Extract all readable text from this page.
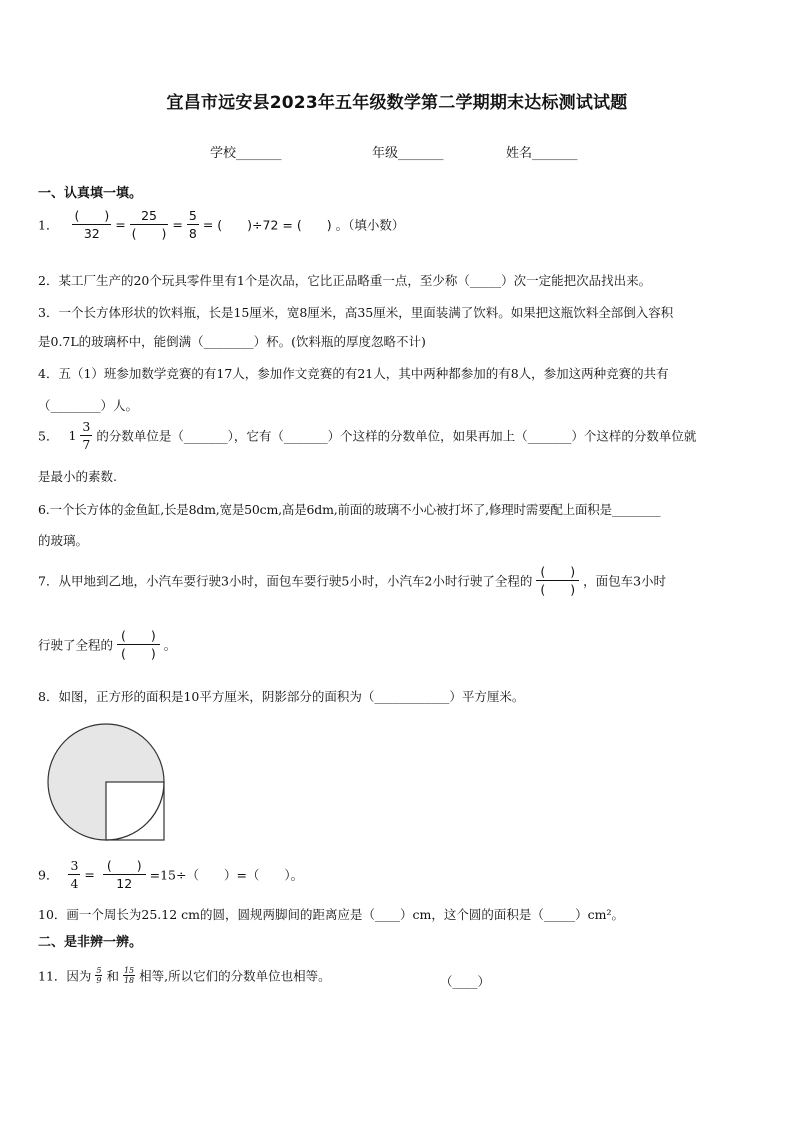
宜昌市远安县2023年五年级数学第二学期期末达标测试试题
学校_______	年级_______	姓名_______
一、认真填一填。
1． $\frac{( )}{32} = \frac{25}{( )} = \frac{5}{8}$ = (　　)÷72 = (　　) 。（填小数）
2．某工厂生产的20个玩具零件里有1个是次品，它比正品略重一点，至少称（_____）次一定能把次品找出来。
3．一个长方体形状的饮料瓶，长是15厘米，宽8厘米，高35厘米，里面装满了饮料。如果把这瓶饮料全部倒入容积
是0.7L的玻璃杯中，能倒满（________）杯。(饮料瓶的厚度忽略不计)
4．五（1）班参加数学竞赛的有17人，参加作文竞赛的有21人，其中两种都参加的有8人，参加这两种竞赛的共有
（________）人。
5． $1 \frac{3}{7}$ 的分数单位是（_______），它有（_______）个这样的分数单位，如果再加上（_______）个这样的分数单位就
是最小的素数.
6.一个长方体的金鱼缸,长是8dm,宽是50cm,高是6dm,前面的玻璃不小心被打坏了,修理时需要配上面积是________
的玻璃。
7．从甲地到乙地，小汽车要行驶3小时，面包车要行驶5小时，小汽车2小时行驶了全程的 $\frac{( )}{( )}$ ，面包车3小时
行驶了全程的 $\frac{( )}{( )}$ 。
8．如图，正方形的面积是10平方厘米，阴影部分的面积为（____________）平方厘米。
9． $\frac{3}{4} = \frac{( )}{12} =15\div$（　　）=（　　）。
10．画一个周长为25.12 cm的圆，圆规两脚间的距离应是（____）cm，这个圆的面积是（_____）cm²。
二、是非辨一辨。
11．因为 $\frac{5}{9}$ 和 $\frac{15}{18}$ 相等,所以它们的分数单位也相等。	（____）
